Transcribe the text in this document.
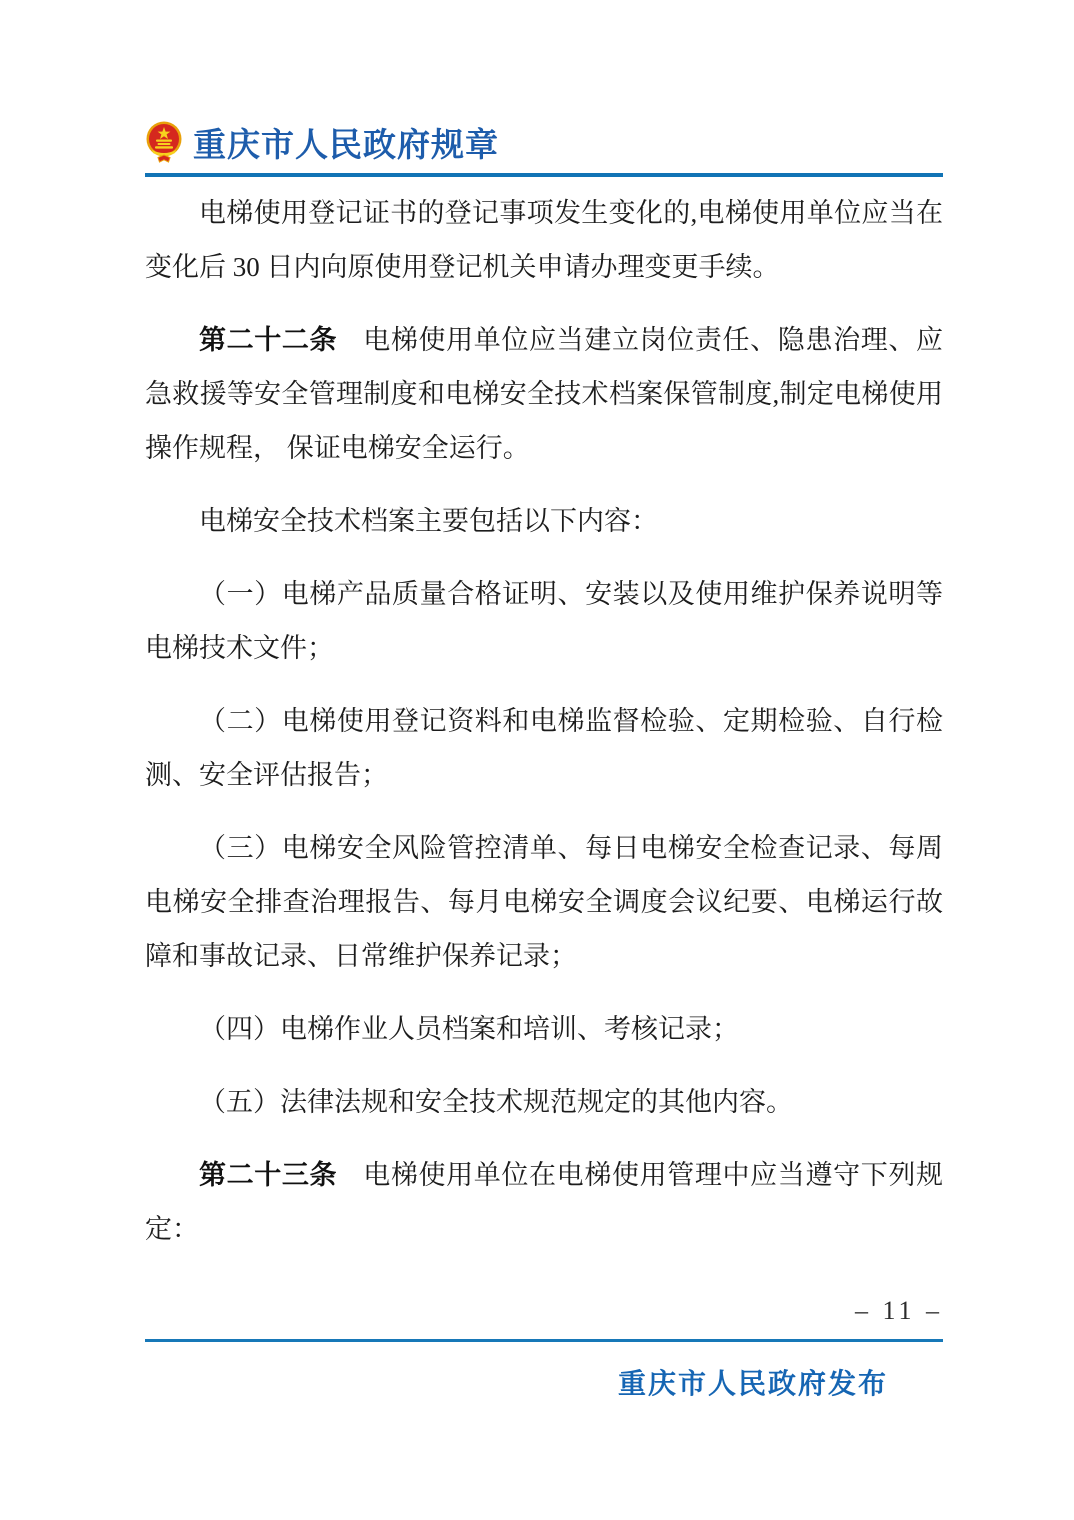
重庆市人民政府规章

电梯使用登记证书的登记事项发生变化的,电梯使用单位应当在变化后 30 日内向原使用登记机关申请办理变更手续。

第二十二条 电梯使用单位应当建立岗位责任、隐患治理、应急救援等安全管理制度和电梯安全技术档案保管制度,制定电梯使用操作规程， 保证电梯安全运行。

电梯安全技术档案主要包括以下内容：

（一）电梯产品质量合格证明、安装以及使用维护保养说明等电梯技术文件；

（二）电梯使用登记资料和电梯监督检验、定期检验、自行检测、安全评估报告；

（三）电梯安全风险管控清单、每日电梯安全检查记录、每周电梯安全排查治理报告、每月电梯安全调度会议纪要、电梯运行故障和事故记录、日常维护保养记录；

（四）电梯作业人员档案和培训、考核记录；

（五）法律法规和安全技术规范规定的其他内容。

第二十三条 电梯使用单位在电梯使用管理中应当遵守下列规定：

– 11 –
重庆市人民政府发布
